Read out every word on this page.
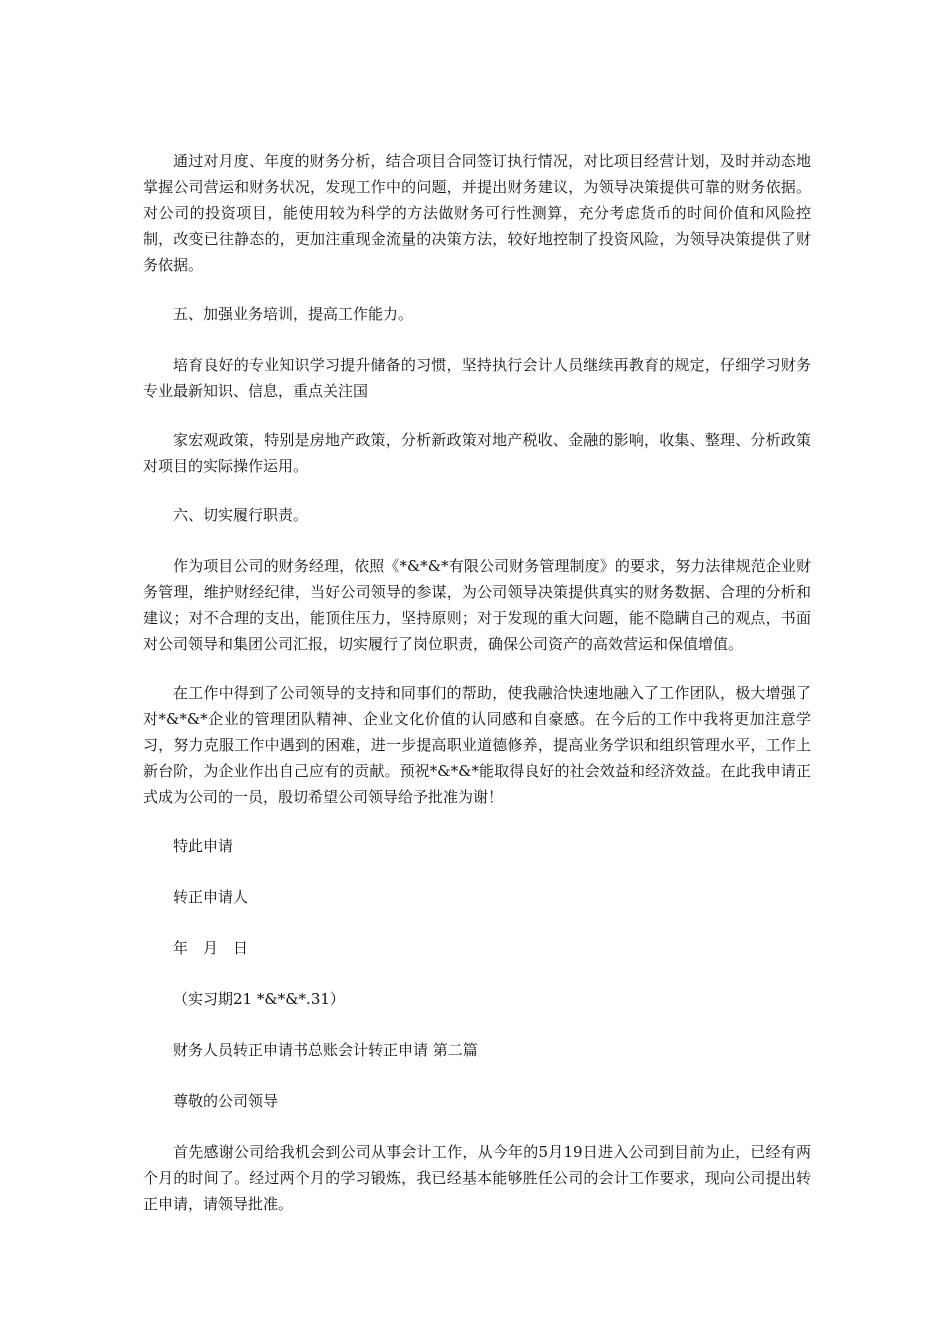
通过对月度、年度的财务分析，结合项目合同签订执行情况，对比项目经营计划，及时并动态地掌握公司营运和财务状况，发现工作中的问题，并提出财务建议，为领导决策提供可靠的财务依据。对公司的投资项目，能使用较为科学的方法做财务可行性测算，充分考虑货币的时间价值和风险控制，改变已往静态的，更加注重现金流量的决策方法，较好地控制了投资风险，为领导决策提供了财务依据。

五、加强业务培训，提高工作能力。

培育良好的专业知识学习提升储备的习惯，坚持执行会计人员继续再教育的规定，仔细学习财务专业最新知识、信息，重点关注国

家宏观政策，特别是房地产政策，分析新政策对地产税收、金融的影响，收集、整理、分析政策对项目的实际操作运用。

六、切实履行职责。

作为项目公司的财务经理，依照《*&*&*有限公司财务管理制度》的要求，努力法律规范企业财务管理，维护财经纪律，当好公司领导的参谋，为公司领导决策提供真实的财务数据、合理的分析和建议；对不合理的支出，能顶住压力，坚持原则；对于发现的重大问题，能不隐瞒自己的观点，书面对公司领导和集团公司汇报，切实履行了岗位职责，确保公司资产的高效营运和保值增值。

在工作中得到了公司领导的支持和同事们的帮助，使我融洽快速地融入了工作团队，极大增强了对*&*&*企业的管理团队精神、企业文化价值的认同感和自豪感。在今后的工作中我将更加注意学习，努力克服工作中遇到的困难，进一步提高职业道德修养，提高业务学识和组织管理水平，工作上新台阶，为企业作出自己应有的贡献。预祝*&*&*能取得良好的社会效益和经济效益。在此我申请正式成为公司的一员，殷切希望公司领导给予批准为谢！

特此申请

转正申请人

年　月　日

（实习期21 *&*&*.31）

财务人员转正申请书总账会计转正申请 第二篇

尊敬的公司领导

首先感谢公司给我机会到公司从事会计工作，从今年的5月19日进入公司到目前为止，已经有两个月的时间了。经过两个月的学习锻炼，我已经基本能够胜任公司的会计工作要求，现向公司提出转正申请，请领导批准。
